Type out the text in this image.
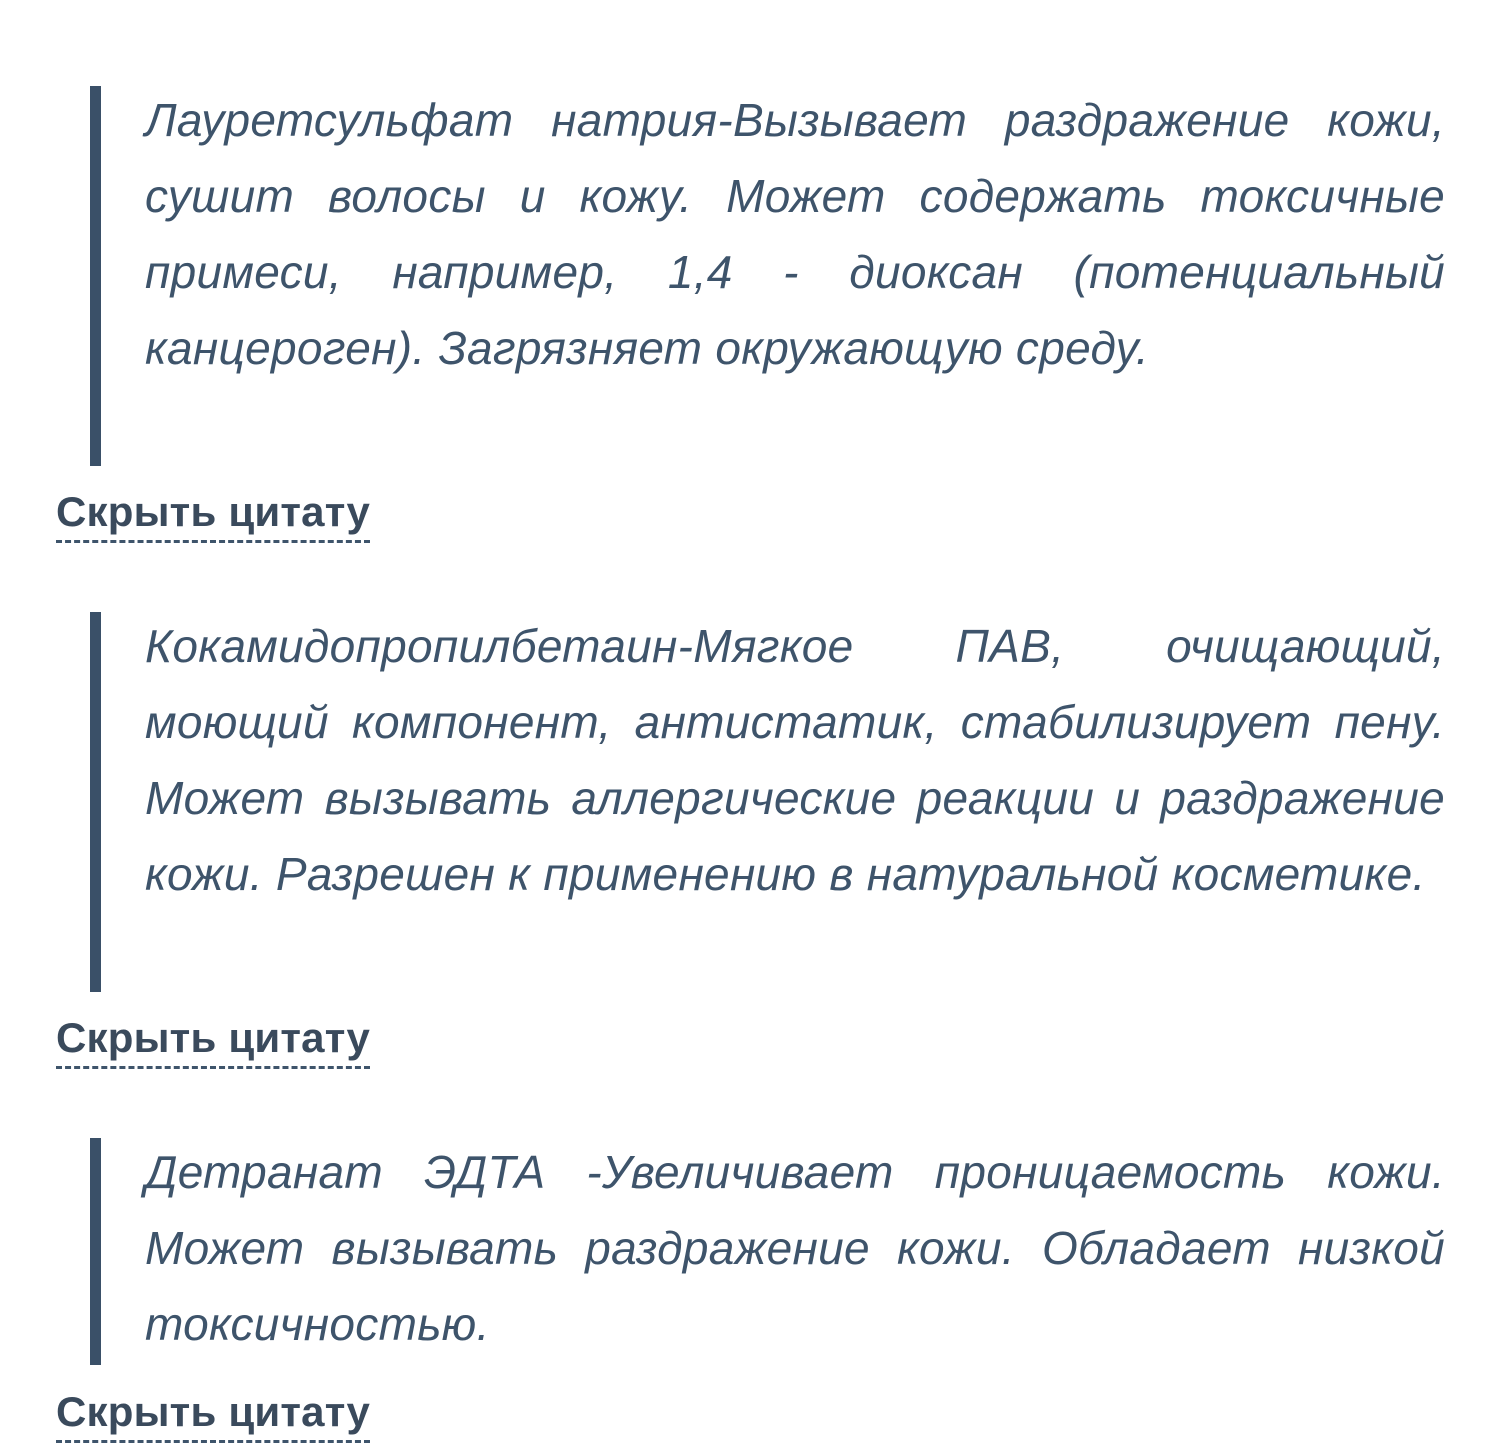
Лауретсульфат натрия-Вызывает раздражение кожи, сушит волосы и кожу. Может содержать токсичные примеси, например, 1,4 - диоксан (потенциальный канцероген). Загрязняет окружающую среду.

Скрыть цитату

Кокамидопропилбетаин-Мягкое ПАВ, очищающий, моющий компонент, антистатик, стабилизирует пену. Может вызывать аллергические реакции и раздражение кожи. Разрешен к применению в натуральной косметике.

Скрыть цитату

Детранат ЭДТА -Увеличивает проницаемость кожи. Может вызывать раздражение кожи. Обладает низкой токсичностью.

Скрыть цитату
